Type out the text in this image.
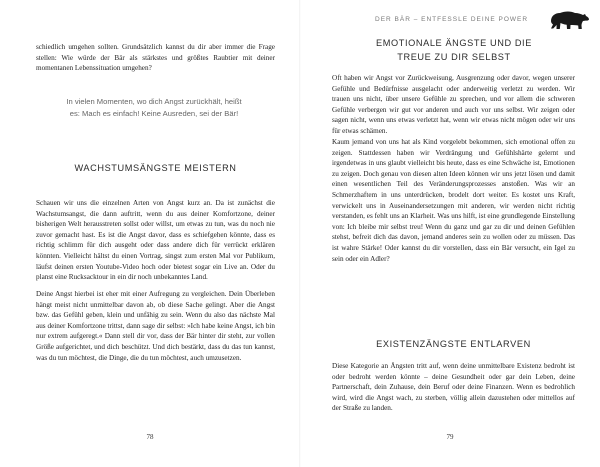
DER BÄR – ENTFESSLE DEINE POWER

schiedlich umgehen sollten. Grundsätzlich kannst du dir aber immer die Frage stellen: Wie würde der Bär als stärkstes und größtes Raubtier mit deiner momentanen Lebenssituation umgehen?

In vielen Momenten, wo dich Angst zurückhält, heißt es: Mach es einfach! Keine Ausreden, sei der Bär!

WACHSTUMSÄNGSTE MEISTERN

Schauen wir uns die einzelnen Arten von Angst kurz an. Da ist zunächst die Wachstumsangst, die dann auftritt, wenn du aus deiner Komfortzone, deiner bisherigen Welt herausstreten sollst oder willst, um etwas zu tun, was du noch nie zuvor gemacht hast. Es ist die Angst davor, dass es schiefgehen könnte, dass es richtig schlimm für dich ausgeht oder dass andere dich für verrückt erklären könnten. Vielleicht hältst du einen Vortrag, singst zum ersten Mal vor Publikum, läufst deinen ersten Youtube-Video hoch oder bietest sogar ein Live an. Oder du planst eine Rucksacktour in ein dir noch unbekanntes Land.

Deine Angst hierbei ist eher mit einer Aufregung zu vergleichen. Dein Überleben hängt meist nicht unmittelbar davon ab, ob diese Sache gelingt. Aber die Angst bzw. das Gefühl geben, klein und unfähig zu sein. Wenn du also das nächste Mal aus deiner Komfortzone trittst, dann sage dir selbst: »Ich habe keine Angst, ich bin nur extrem aufgeregt.« Dann stell dir vor, dass der Bär hinter dir steht, zur vollen Größe aufgerichtet, und dich beschützt. Und dich bestärkt, dass du das tun kannst, was du tun möchtest, die Dinge, die du tun möchtest, auch umzusetzen.

78

EMOTIONALE ÄNGSTE UND DIE TREUE ZU DIR SELBST

Oft haben wir Angst vor Zurückweisung, Ausgrenzung oder davor, wegen unserer Gefühle und Bedürfnisse ausgelacht oder anderweitig verletzt zu werden. Wir trauen uns nicht, über unsere Gefühle zu sprechen, und vor allem die schweren Gefühle verbergen wir gut vor anderen und auch vor uns selbst. Wir zeigen oder sagen nicht, wenn uns etwas verletzt hat, wenn wir etwas nicht mögen oder wir uns für etwas schämen.

Kaum jemand von uns hat als Kind vorgelebt bekommen, sich emotional offen zu zeigen. Stattdessen haben wir Verdrängung und Gefühlshärte gelernt und irgendetwas in uns glaubt vielleicht bis heute, dass es eine Schwäche ist, Emotionen zu zeigen. Doch genau von diesen alten Ideen können wir uns jetzt lösen und damit einen wesentlichen Teil des Veränderungsprozesses anstoßen. Was wir an Schmerzhaftem in uns unterdrücken, brodelt dort weiter. Es kostet uns Kraft, verwickelt uns in Auseinandersetzungen mit anderen, wir werden nicht richtig verstanden, es fehlt uns an Klarheit. Was uns hilft, ist eine grundlegende Einstellung von: Ich bleibe mir selbst treu! Wenn du ganz und gar zu dir und deinen Gefühlen stehst, befreit dich das davon, jemand anderes sein zu wollen oder zu müssen. Das ist wahre Stärke! Oder kannst du dir vorstellen, dass ein Bär versucht, ein Igel zu sein oder ein Adler?

EXISTENZÄNGSTE ENTLARVEN

Diese Kategorie an Ängsten tritt auf, wenn deine unmittelbare Existenz bedroht ist oder bedroht werden könnte – deine Gesundheit oder gar dein Leben, deine Partnerschaft, dein Zuhause, dein Beruf oder deine Finanzen. Wenn es bedrohlich wird, wird die Angst wach, zu sterben, völlig allein dazustehen oder mittellos auf der Straße zu landen.

79
